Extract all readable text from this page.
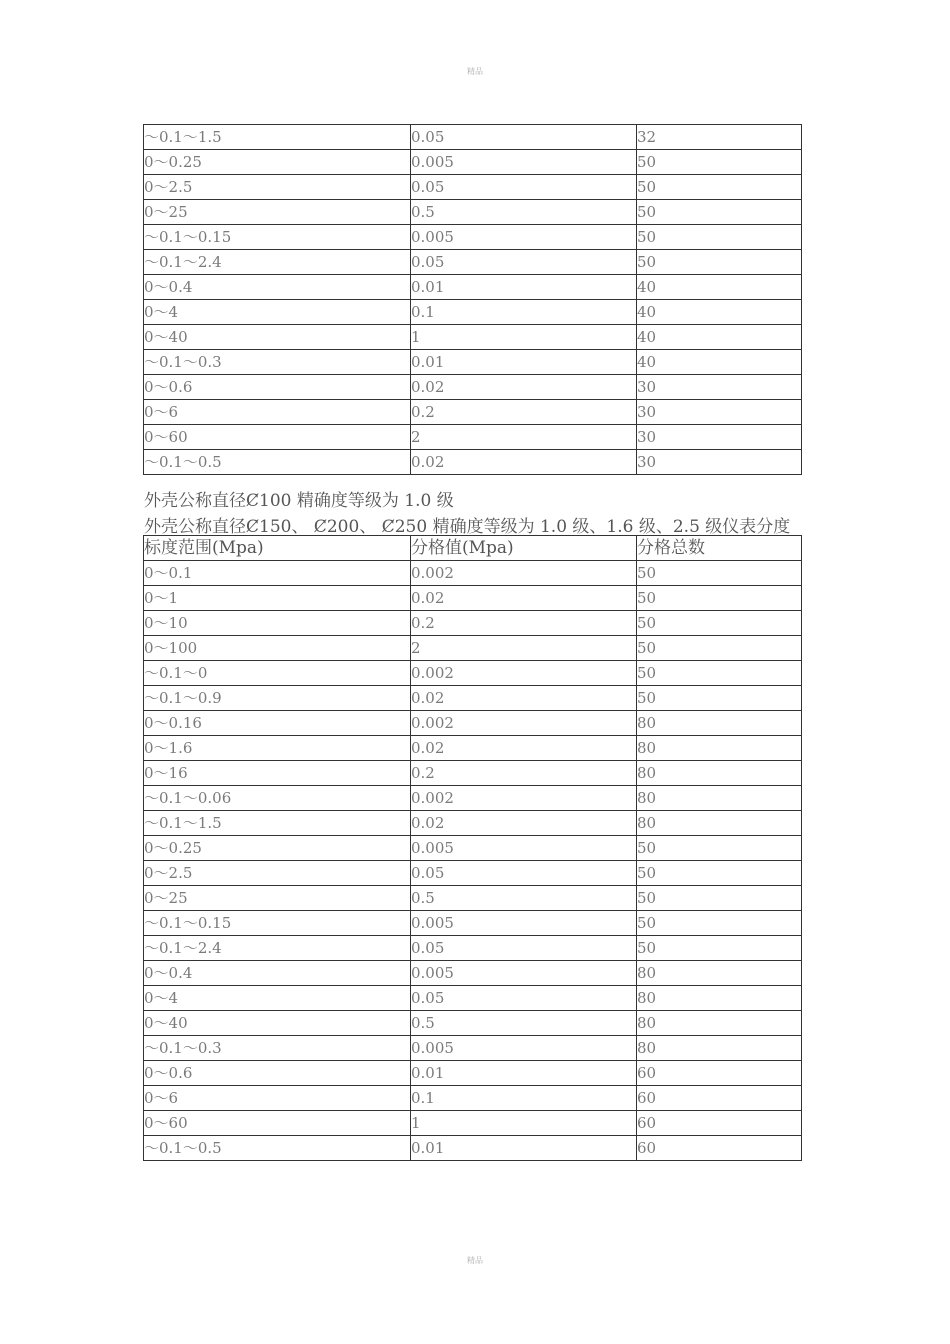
精品
～0.1～1.5	0.05	32
0～0.25	0.005	50
0～2.5	0.05	50
0～25	0.5	50
～0.1～0.15	0.005	50
～0.1～2.4	0.05	50
0～0.4	0.01	40
0～4	0.1	40
0～40	1	40
～0.1～0.3	0.01	40
0～0.6	0.02	30
0～6	0.2	30
0～60	2	30
～0.1～0.5	0.02	30
外壳公称直径Ȼ100 精确度等级为 1.0 级
外壳公称直径Ȼ150、 Ȼ200、 Ȼ250 精确度等级为 1.0 级、1.6 级、2.5 级仪表分度
标度范围(Mpa)	分格值(Mpa)	分格总数
0～0.1	0.002	50
0～1	0.02	50
0～10	0.2	50
0～100	2	50
～0.1～0	0.002	50
～0.1～0.9	0.02	50
0～0.16	0.002	80
0～1.6	0.02	80
0～16	0.2	80
～0.1～0.06	0.002	80
～0.1～1.5	0.02	80
0～0.25	0.005	50
0～2.5	0.05	50
0～25	0.5	50
～0.1～0.15	0.005	50
～0.1～2.4	0.05	50
0～0.4	0.005	80
0～4	0.05	80
0～40	0.5	80
～0.1～0.3	0.005	80
0～0.6	0.01	60
0～6	0.1	60
0～60	1	60
～0.1～0.5	0.01	60
精品
